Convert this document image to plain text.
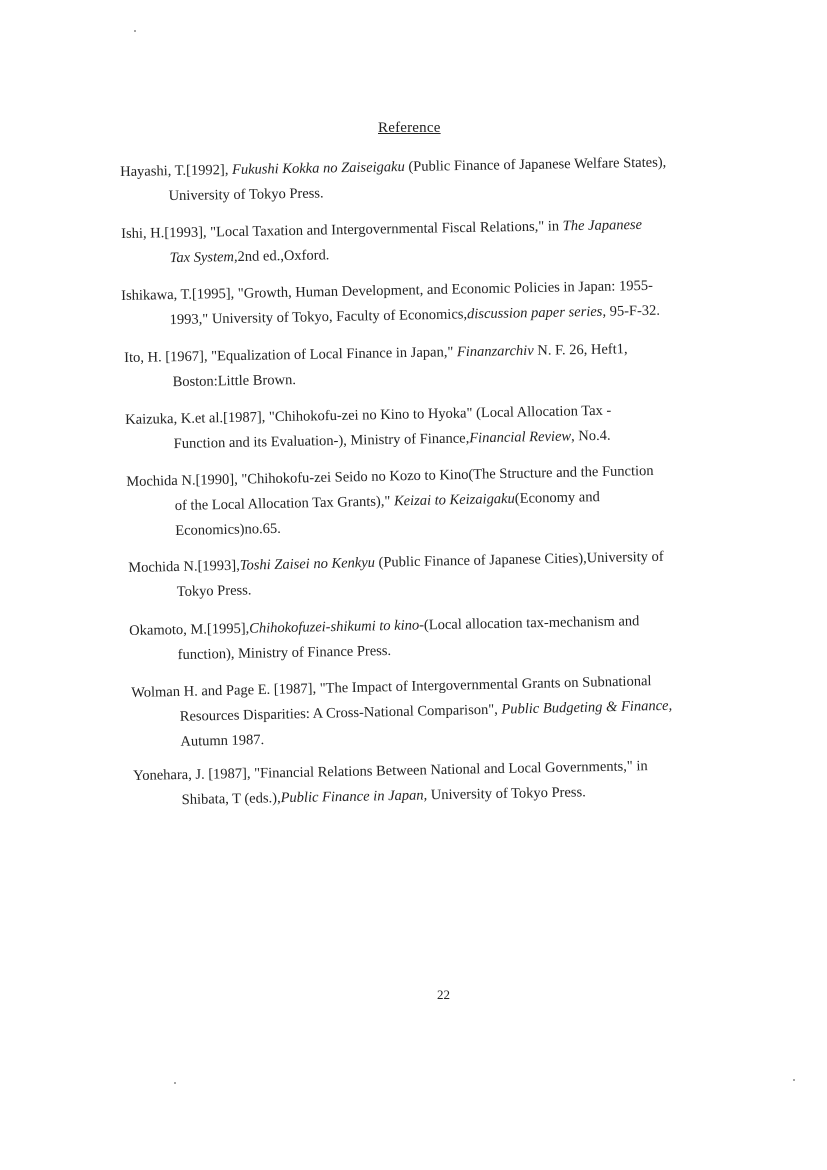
Reference
Hayashi, T.[1992], Fukushi Kokka no Zaiseigaku (Public Finance of Japanese Welfare States),
University of Tokyo Press.
Ishi, H.[1993], "Local Taxation and Intergovernmental Fiscal Relations," in The Japanese
Tax System,2nd ed.,Oxford.
Ishikawa, T.[1995], "Growth, Human Development, and Economic Policies in Japan: 1955-
1993," University of Tokyo, Faculty of Economics,discussion paper series, 95-F-32.
Ito, H. [1967], "Equalization of Local Finance in Japan," Finanzarchiv N. F. 26, Heft1,
Boston:Little Brown.
Kaizuka, K.et al.[1987], "Chihokofu-zei no Kino to Hyoka" (Local Allocation Tax -
Function and its Evaluation-), Ministry of Finance,Financial Review, No.4.
Mochida N.[1990], "Chihokofu-zei Seido no Kozo to Kino(The Structure and the Function
of the Local Allocation Tax Grants)," Keizai to Keizaigaku(Economy and
Economics)no.65.
Mochida N.[1993],Toshi Zaisei no Kenkyu (Public Finance of Japanese Cities),University of
Tokyo Press.
Okamoto, M.[1995],Chihokofuzei-shikumi to kino-(Local allocation tax-mechanism and
function), Ministry of Finance Press.
Wolman H. and Page E. [1987], "The Impact of Intergovernmental Grants on Subnational
Resources Disparities: A Cross-National Comparison", Public Budgeting & Finance,
Autumn 1987.
Yonehara, J. [1987], "Financial Relations Between National and Local Governments," in
Shibata, T (eds.),Public Finance in Japan, University of Tokyo Press.
22
